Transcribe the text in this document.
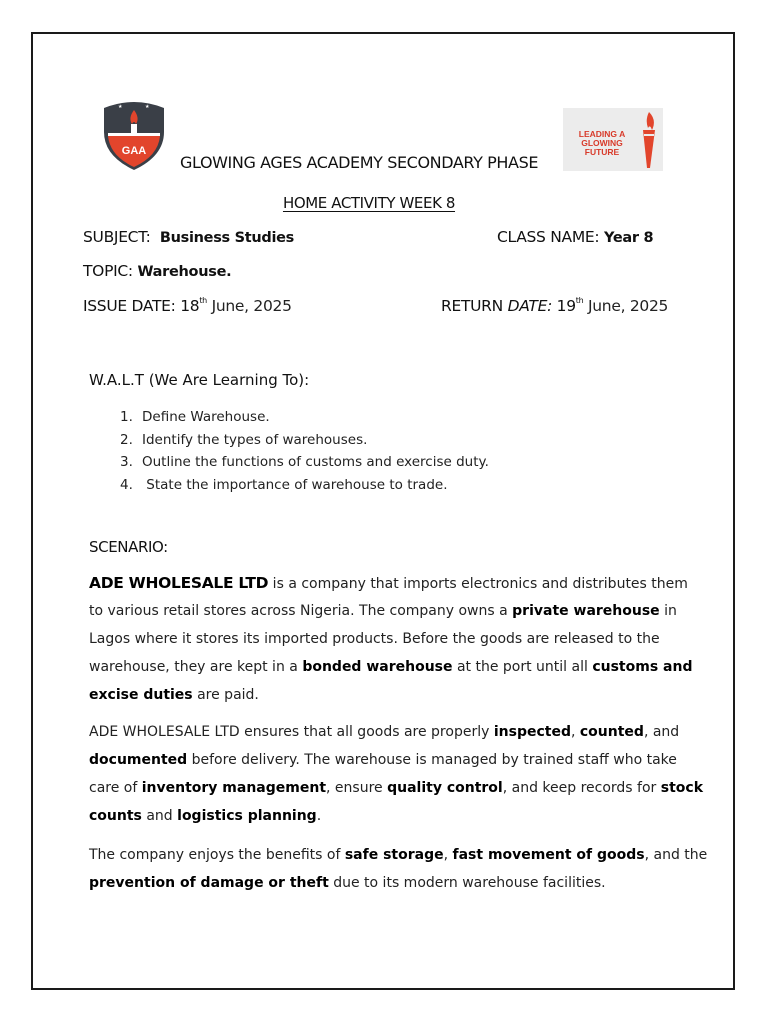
★	★
GAA
LEADING A GLOWING FUTURE
GLOWING AGES ACADEMY SECONDARY PHASE
HOME ACTIVITY WEEK 8
SUBJECT: Business Studies	CLASS NAME: Year 8
TOPIC: Warehouse.
ISSUE DATE: 18th June, 2025	RETURN DATE: 19th June, 2025
W.A.L.T (We Are Learning To):
1. Define Warehouse.
2. Identify the types of warehouses.
3. Outline the functions of customs and exercise duty.
4. State the importance of warehouse to trade.
SCENARIO:
ADE WHOLESALE LTD is a company that imports electronics and distributes them
to various retail stores across Nigeria. The company owns a private warehouse in
Lagos where it stores its imported products. Before the goods are released to the
warehouse, they are kept in a bonded warehouse at the port until all customs and
excise duties are paid.
ADE WHOLESALE LTD ensures that all goods are properly inspected, counted, and
documented before delivery. The warehouse is managed by trained staff who take
care of inventory management, ensure quality control, and keep records for stock
counts and logistics planning.
The company enjoys the benefits of safe storage, fast movement of goods, and the
prevention of damage or theft due to its modern warehouse facilities.
